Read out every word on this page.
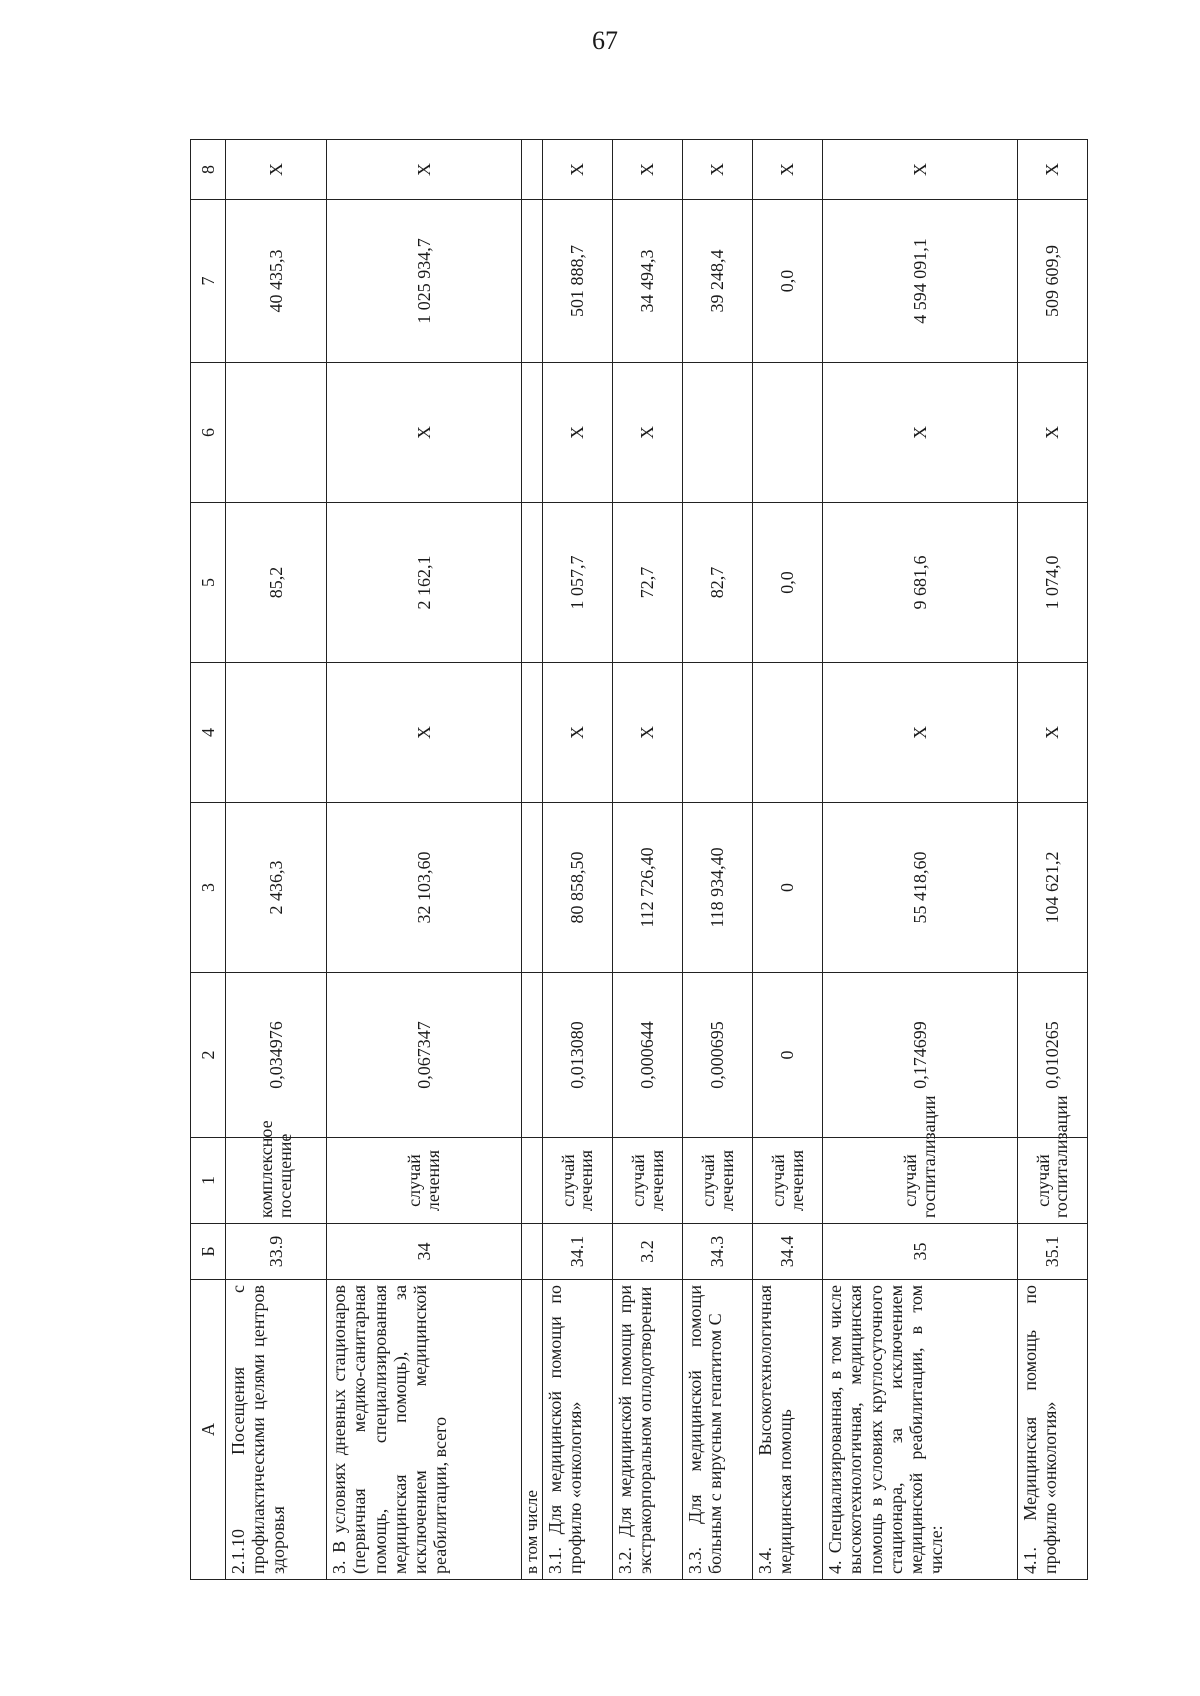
67
A	Б	1	2	3	4	5	6	7	8
2.1.10 Посещения с профилактическими целями центров здоровья	33.9	комплексное посещение	0,034976	2 436,3		85,2		40 435,3	X
3. В условиях дневных стационаров (первичная медико-санитарная помощь, специализированная медицинская помощь), за исключением медицинской реабилитации, всего	34	случай лечения	0,067347	32 103,60	X	2 162,1	X	1 025 934,7	X
в том числе									
3.1. Для медицинской помощи по профилю «онкология»	34.1	случай лечения	0,013080	80 858,50	X	1 057,7	X	501 888,7	X
3.2. Для медицинской помощи при экстракорпоральном оплодотворении	3.2	случай лечения	0,000644	112 726,40	X	72,7	X	34 494,3	X
3.3. Для медицинской помощи больным с вирусным гепатитом С	34.3	случай лечения	0,000695	118 934,40		82,7		39 248,4	X
3.4. Высокотехнологичная медицинская помощь	34.4	случай лечения	0	0		0,0		0,0	X
4. Специализированная, в том числе высокотехнологичная, медицинская помощь в условиях круглосуточного стационара, за исключением медицинской реабилитации, в том числе:	35	случай госпитализации	0,174699	55 418,60	X	9 681,6	X	4 594 091,1	X
4.1. Медицинская помощь по профилю «онкология»	35.1	случай госпитализации	0,010265	104 621,2	X	1 074,0	X	509 609,9	X
